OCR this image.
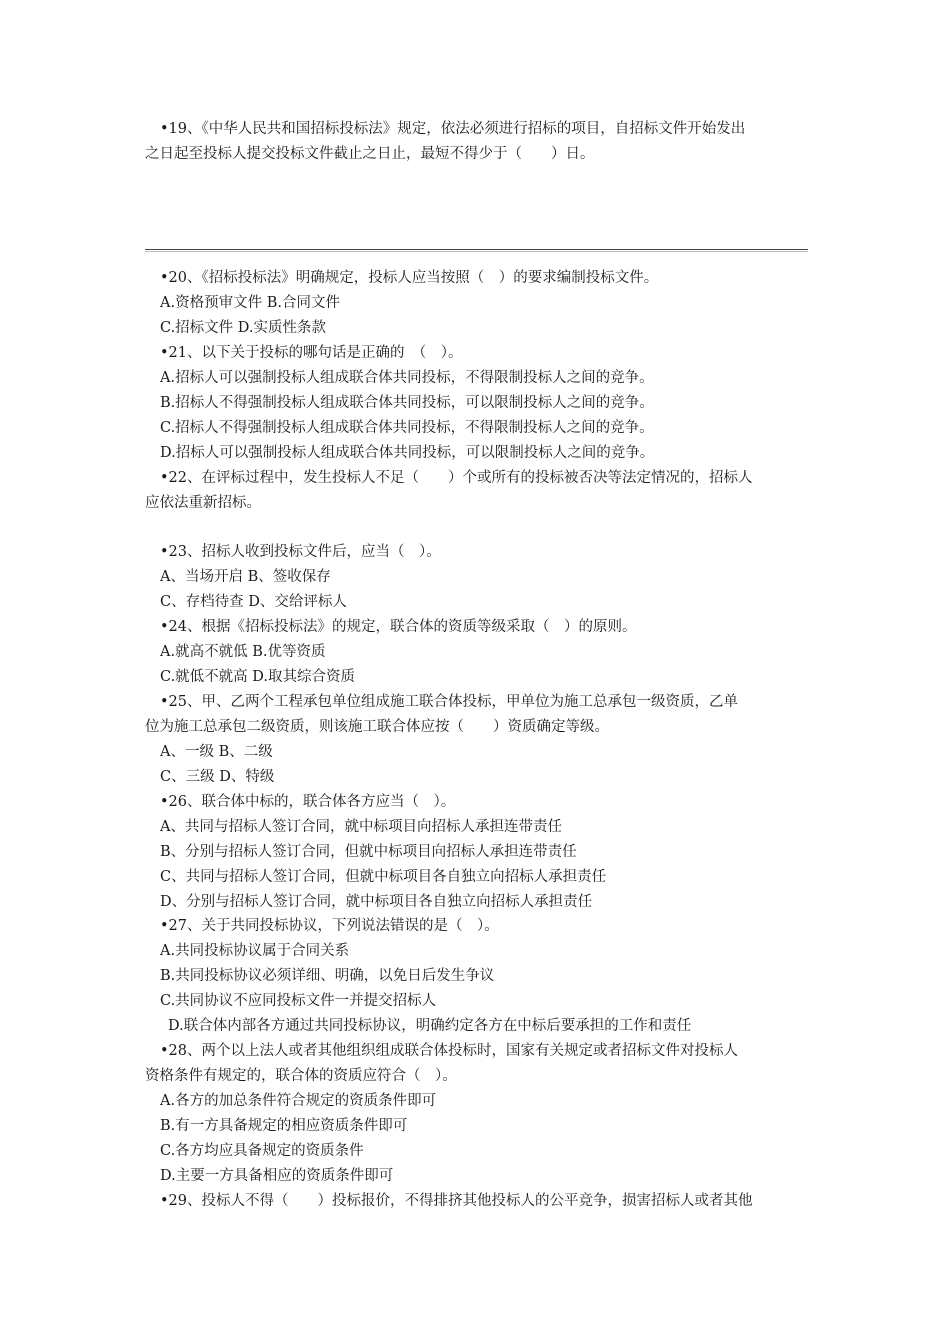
•19、《中华人民共和国招标投标法》规定，依法必须进行招标的项目，自招标文件开始发出
之日起至投标人提交投标文件截止之日止，最短不得少于（　　）日。
•20、《招标投标法》明确规定，投标人应当按照（　）的要求编制投标文件。
A.资格预审文件 B.合同文件
C.招标文件 D.实质性条款
•21、以下关于投标的哪句话是正确的　（　）。
A.招标人可以强制投标人组成联合体共同投标，不得限制投标人之间的竞争。
B.招标人不得强制投标人组成联合体共同投标，可以限制投标人之间的竞争。
C.招标人不得强制投标人组成联合体共同投标，不得限制投标人之间的竞争。
D.招标人可以强制投标人组成联合体共同投标，可以限制投标人之间的竞争。
•22、在评标过程中，发生投标人不足（　　）个或所有的投标被否决等法定情况的，招标人
应依法重新招标。
•23、招标人收到投标文件后，应当（　）。
A、当场开启 B、签收保存
C、存档待查 D、交给评标人
•24、根据《招标投标法》的规定，联合体的资质等级采取（　）的原则。
A.就高不就低 B.优等资质
C.就低不就高 D.取其综合资质
•25、甲、乙两个工程承包单位组成施工联合体投标，甲单位为施工总承包一级资质，乙单
位为施工总承包二级资质，则该施工联合体应按（　　）资质确定等级。
A、一级 B、二级
C、三级 D、特级
•26、联合体中标的，联合体各方应当（　）。
A、共同与招标人签订合同，就中标项目向招标人承担连带责任
B、分别与招标人签订合同，但就中标项目向招标人承担连带责任
C、共同与招标人签订合同，但就中标项目各自独立向招标人承担责任
D、分别与招标人签订合同，就中标项目各自独立向招标人承担责任
•27、关于共同投标协议，下列说法错误的是（　）。
A.共同投标协议属于合同关系
B.共同投标协议必须详细、明确，以免日后发生争议
C.共同协议不应同投标文件一并提交招标人
D.联合体内部各方通过共同投标协议，明确约定各方在中标后要承担的工作和责任
•28、两个以上法人或者其他组织组成联合体投标时，国家有关规定或者招标文件对投标人
资格条件有规定的，联合体的资质应符合（　）。
A.各方的加总条件符合规定的资质条件即可
B.有一方具备规定的相应资质条件即可
C.各方均应具备规定的资质条件
D.主要一方具备相应的资质条件即可
•29、投标人不得（　　）投标报价，不得排挤其他投标人的公平竞争，损害招标人或者其他
